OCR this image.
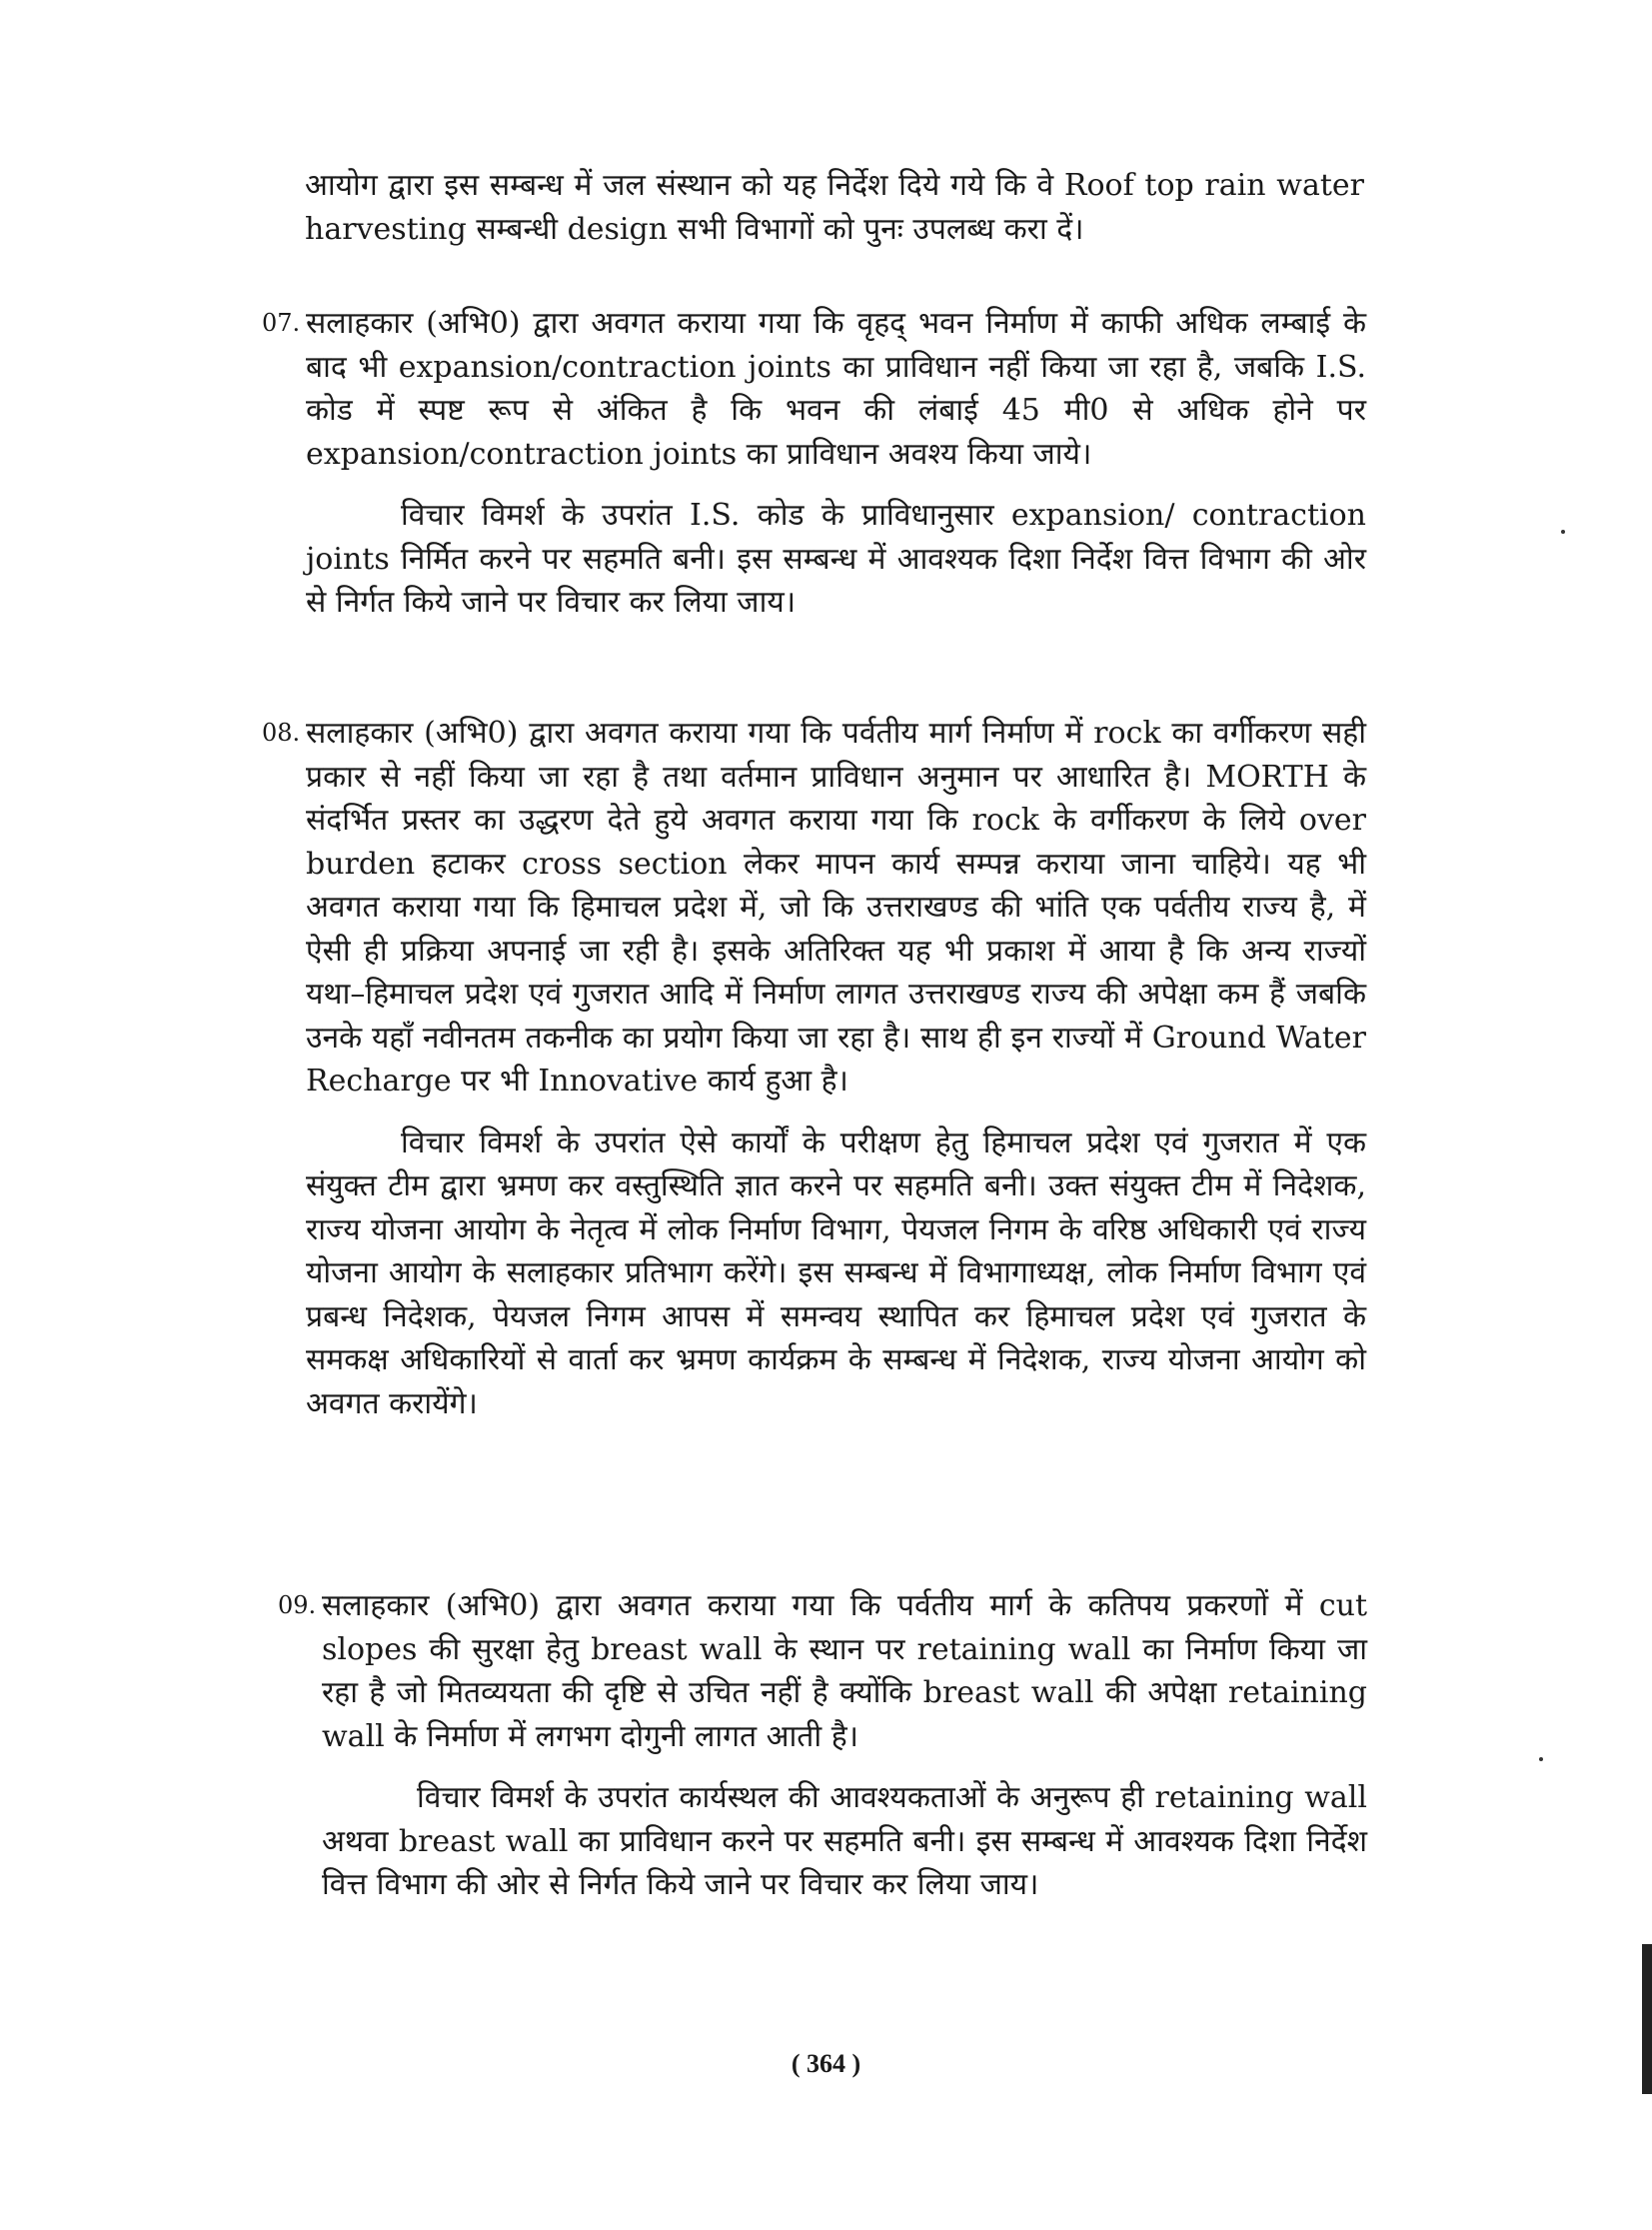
आयोग द्वारा इस सम्बन्ध में जल संस्थान को यह निर्देश दिये गये कि वे Roof top rain water harvesting सम्बन्धी design सभी विभागों को पुनः उपलब्ध करा दें।

07. सलाहकार (अभि0) द्वारा अवगत कराया गया कि वृहद् भवन निर्माण में काफी अधिक लम्बाई के बाद भी expansion/contraction joints का प्राविधान नहीं किया जा रहा है, जबकि I.S. कोड में स्पष्ट रूप से अंकित है कि भवन की लंबाई 45 मी0 से अधिक होने पर expansion/contraction joints का प्राविधान अवश्य किया जाये।

विचार विमर्श के उपरांत I.S. कोड के प्राविधानुसार expansion/ contraction joints निर्मित करने पर सहमति बनी। इस सम्बन्ध में आवश्यक दिशा निर्देश वित्त विभाग की ओर से निर्गत किये जाने पर विचार कर लिया जाय।

08. सलाहकार (अभि0) द्वारा अवगत कराया गया कि पर्वतीय मार्ग निर्माण में rock का वर्गीकरण सही प्रकार से नहीं किया जा रहा है तथा वर्तमान प्राविधान अनुमान पर आधारित है। MORTH के संदर्भित प्रस्तर का उद्धरण देते हुये अवगत कराया गया कि rock के वर्गीकरण के लिये over burden हटाकर cross section लेकर मापन कार्य सम्पन्न कराया जाना चाहिये। यह भी अवगत कराया गया कि हिमाचल प्रदेश में, जो कि उत्तराखण्ड की भांति एक पर्वतीय राज्य है, में ऐसी ही प्रक्रिया अपनाई जा रही है। इसके अतिरिक्त यह भी प्रकाश में आया है कि अन्य राज्यों यथा–हिमाचल प्रदेश एवं गुजरात आदि में निर्माण लागत उत्तराखण्ड राज्य की अपेक्षा कम हैं जबकि उनके यहाँ नवीनतम तकनीक का प्रयोग किया जा रहा है। साथ ही इन राज्यों में Ground Water Recharge पर भी Innovative कार्य हुआ है।

विचार विमर्श के उपरांत ऐसे कार्यों के परीक्षण हेतु हिमाचल प्रदेश एवं गुजरात में एक संयुक्त टीम द्वारा भ्रमण कर वस्तुस्थिति ज्ञात करने पर सहमति बनी। उक्त संयुक्त टीम में निदेशक, राज्य योजना आयोग के नेतृत्व में लोक निर्माण विभाग, पेयजल निगम के वरिष्ठ अधिकारी एवं राज्य योजना आयोग के सलाहकार प्रतिभाग करेंगे। इस सम्बन्ध में विभागाध्यक्ष, लोक निर्माण विभाग एवं प्रबन्ध निदेशक, पेयजल निगम आपस में समन्वय स्थापित कर हिमाचल प्रदेश एवं गुजरात के समकक्ष अधिकारियों से वार्ता कर भ्रमण कार्यक्रम के सम्बन्ध में निदेशक, राज्य योजना आयोग को अवगत करायेंगे।

09. सलाहकार (अभि0) द्वारा अवगत कराया गया कि पर्वतीय मार्ग के कतिपय प्रकरणों में cut slopes की सुरक्षा हेतु breast wall के स्थान पर retaining wall का निर्माण किया जा रहा है जो मितव्ययता की दृष्टि से उचित नहीं है क्योंकि breast wall की अपेक्षा retaining wall के निर्माण में लगभग दोगुनी लागत आती है।

विचार विमर्श के उपरांत कार्यस्थल की आवश्यकताओं के अनुरूप ही retaining wall अथवा breast wall का प्राविधान करने पर सहमति बनी। इस सम्बन्ध में आवश्यक दिशा निर्देश वित्त विभाग की ओर से निर्गत किये जाने पर विचार कर लिया जाय।

( 364 )
